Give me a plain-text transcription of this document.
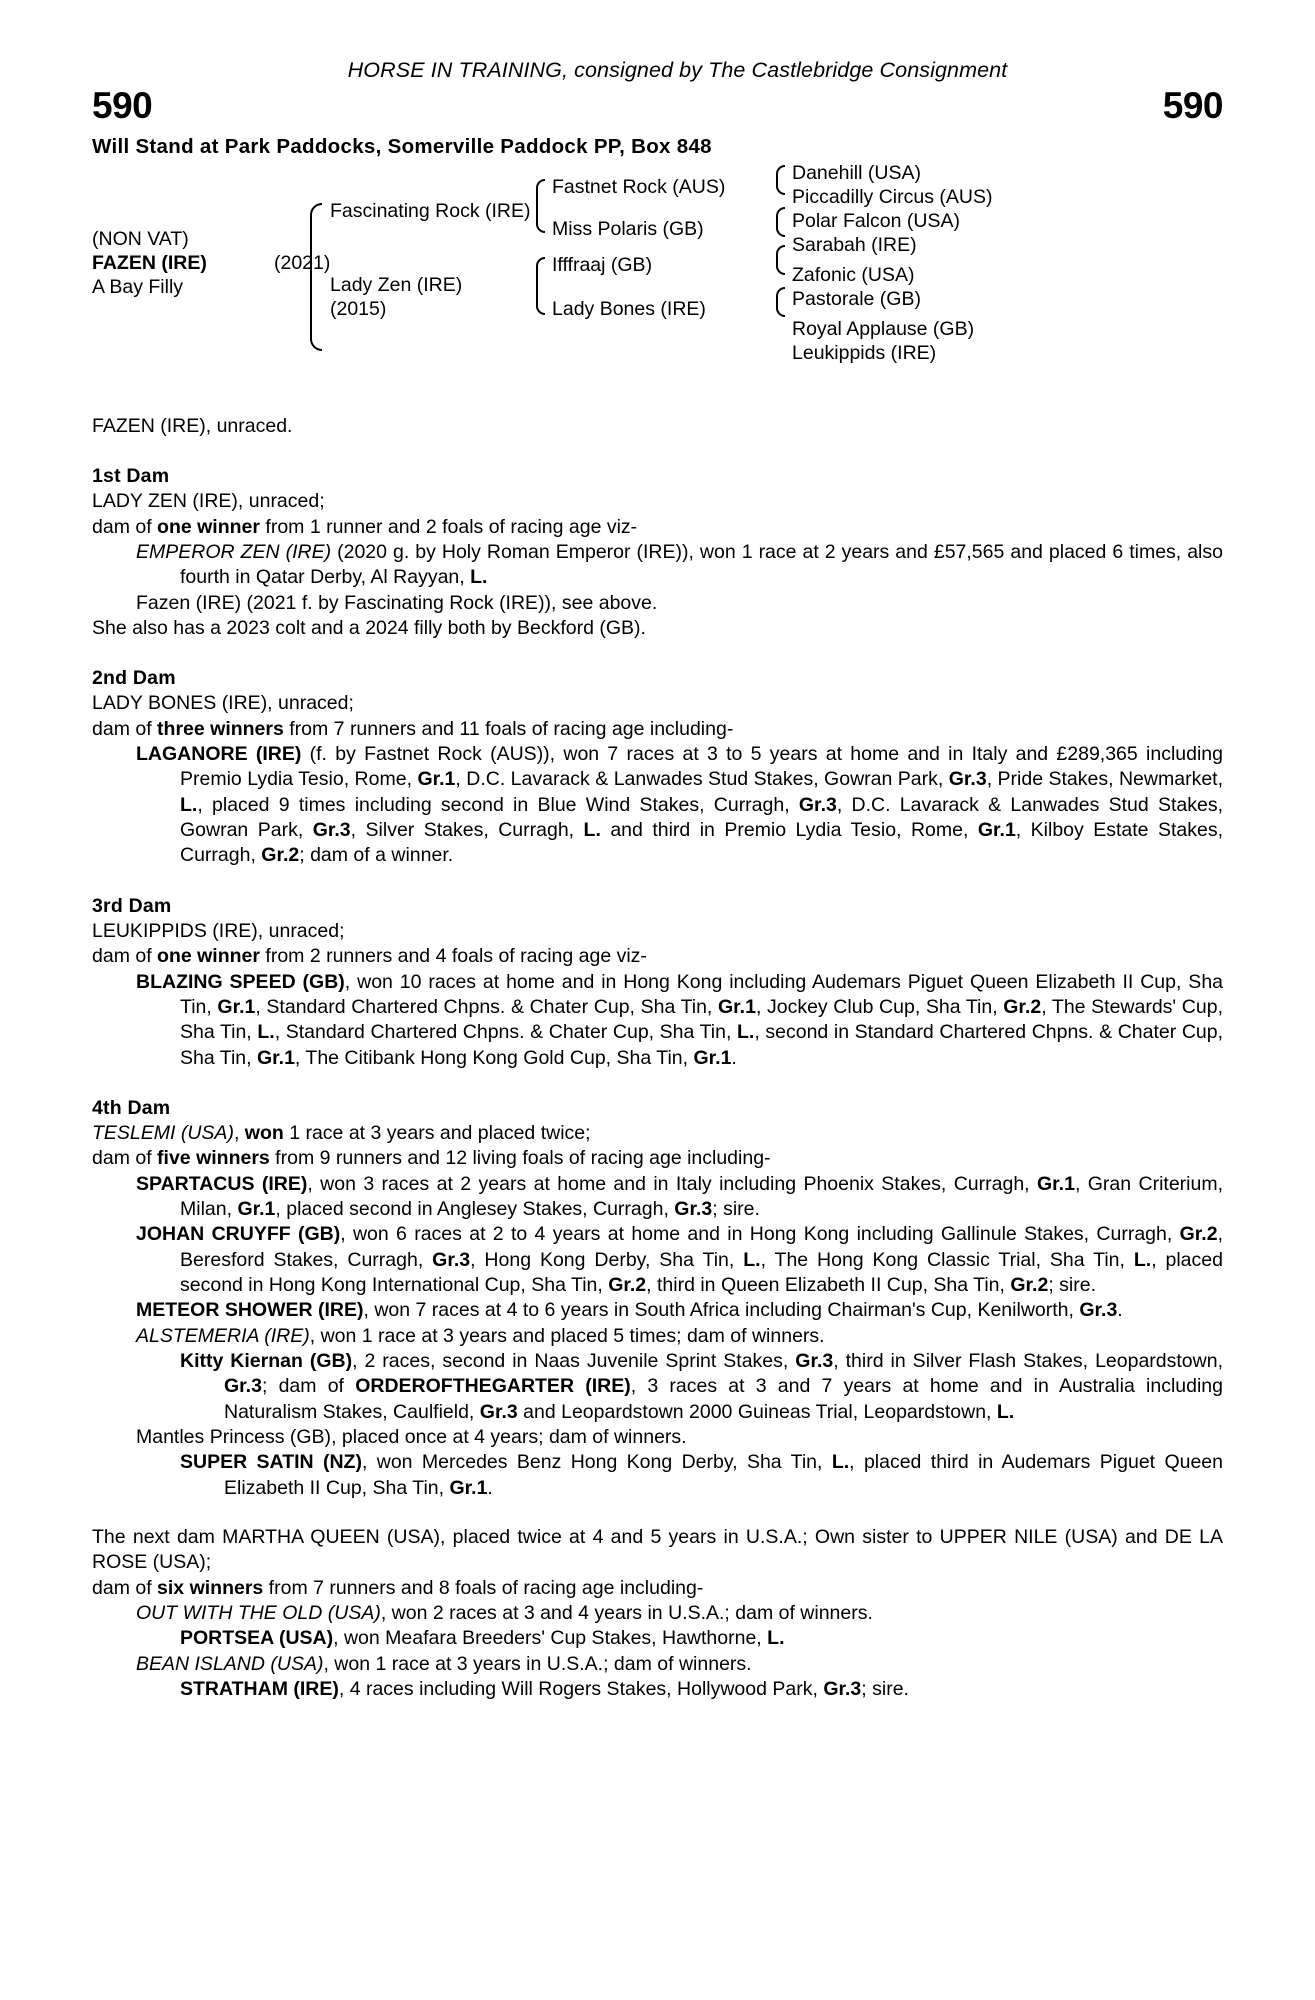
HORSE IN TRAINING, consigned by The Castlebridge Consignment
590	590
Will Stand at Park Paddocks, Somerville Paddock PP, Box 848
(NON VAT)
FAZEN (IRE)	(2021)
A Bay Filly
Fascinating Rock (IRE)
Lady Zen (IRE)
(2015)
Fastnet Rock (AUS)
Miss Polaris (GB)
Ifffraaj (GB)
Lady Bones (IRE)
Danehill (USA)
Piccadilly Circus (AUS)
Polar Falcon (USA)
Sarabah (IRE)
Zafonic (USA)
Pastorale (GB)
Royal Applause (GB)
Leukippids (IRE)
FAZEN (IRE), unraced.
1st Dam
LADY ZEN (IRE), unraced;
dam of one winner from 1 runner and 2 foals of racing age viz-
EMPEROR ZEN (IRE) (2020 g. by Holy Roman Emperor (IRE)), won 1 race at 2 years and £57,565 and placed 6 times, also fourth in Qatar Derby, Al Rayyan, L.
Fazen (IRE) (2021 f. by Fascinating Rock (IRE)), see above.
She also has a 2023 colt and a 2024 filly both by Beckford (GB).
2nd Dam
LADY BONES (IRE), unraced;
dam of three winners from 7 runners and 11 foals of racing age including-
LAGANORE (IRE) (f. by Fastnet Rock (AUS)), won 7 races at 3 to 5 years at home and in Italy and £289,365 including Premio Lydia Tesio, Rome, Gr.1, D.C. Lavarack & Lanwades Stud Stakes, Gowran Park, Gr.3, Pride Stakes, Newmarket, L., placed 9 times including second in Blue Wind Stakes, Curragh, Gr.3, D.C. Lavarack & Lanwades Stud Stakes, Gowran Park, Gr.3, Silver Stakes, Curragh, L. and third in Premio Lydia Tesio, Rome, Gr.1, Kilboy Estate Stakes, Curragh, Gr.2; dam of a winner.
3rd Dam
LEUKIPPIDS (IRE), unraced;
dam of one winner from 2 runners and 4 foals of racing age viz-
BLAZING SPEED (GB), won 10 races at home and in Hong Kong including Audemars Piguet Queen Elizabeth II Cup, Sha Tin, Gr.1, Standard Chartered Chpns. & Chater Cup, Sha Tin, Gr.1, Jockey Club Cup, Sha Tin, Gr.2, The Stewards' Cup, Sha Tin, L., Standard Chartered Chpns. & Chater Cup, Sha Tin, L., second in Standard Chartered Chpns. & Chater Cup, Sha Tin, Gr.1, The Citibank Hong Kong Gold Cup, Sha Tin, Gr.1.
4th Dam
TESLEMI (USA), won 1 race at 3 years and placed twice;
dam of five winners from 9 runners and 12 living foals of racing age including-
SPARTACUS (IRE), won 3 races at 2 years at home and in Italy including Phoenix Stakes, Curragh, Gr.1, Gran Criterium, Milan, Gr.1, placed second in Anglesey Stakes, Curragh, Gr.3; sire.
JOHAN CRUYFF (GB), won 6 races at 2 to 4 years at home and in Hong Kong including Gallinule Stakes, Curragh, Gr.2, Beresford Stakes, Curragh, Gr.3, Hong Kong Derby, Sha Tin, L., The Hong Kong Classic Trial, Sha Tin, L., placed second in Hong Kong International Cup, Sha Tin, Gr.2, third in Queen Elizabeth II Cup, Sha Tin, Gr.2; sire.
METEOR SHOWER (IRE), won 7 races at 4 to 6 years in South Africa including Chairman's Cup, Kenilworth, Gr.3.
ALSTEMERIA (IRE), won 1 race at 3 years and placed 5 times; dam of winners.
Kitty Kiernan (GB), 2 races, second in Naas Juvenile Sprint Stakes, Gr.3, third in Silver Flash Stakes, Leopardstown, Gr.3; dam of ORDEROFTHEGARTER (IRE), 3 races at 3 and 7 years at home and in Australia including Naturalism Stakes, Caulfield, Gr.3 and Leopardstown 2000 Guineas Trial, Leopardstown, L.
Mantles Princess (GB), placed once at 4 years; dam of winners.
SUPER SATIN (NZ), won Mercedes Benz Hong Kong Derby, Sha Tin, L., placed third in Audemars Piguet Queen Elizabeth II Cup, Sha Tin, Gr.1.
The next dam MARTHA QUEEN (USA), placed twice at 4 and 5 years in U.S.A.; Own sister to UPPER NILE (USA) and DE LA ROSE (USA);
dam of six winners from 7 runners and 8 foals of racing age including-
OUT WITH THE OLD (USA), won 2 races at 3 and 4 years in U.S.A.; dam of winners.
PORTSEA (USA), won Meafara Breeders' Cup Stakes, Hawthorne, L.
BEAN ISLAND (USA), won 1 race at 3 years in U.S.A.; dam of winners.
STRATHAM (IRE), 4 races including Will Rogers Stakes, Hollywood Park, Gr.3; sire.
